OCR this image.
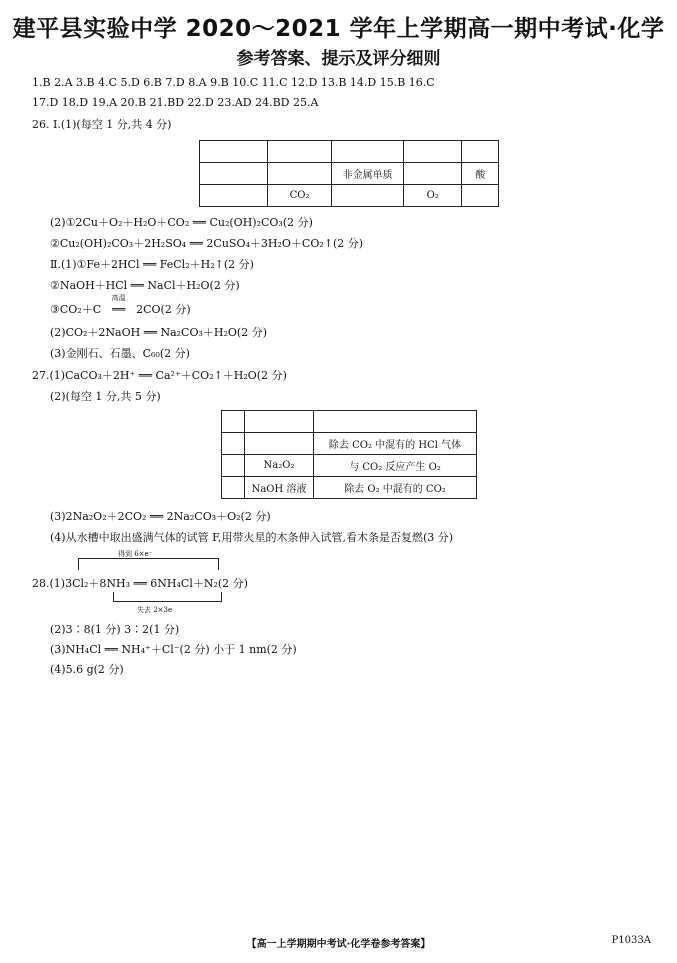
建平县实验中学 2020～2021 学年上学期高一期中考试·化学
参考答案、提示及评分细则
1.B 2.A 3.B 4.C 5.D 6.B 7.D 8.A 9.B 10.C 11.C 12.D 13.B 14.D 15.B 16.C
17.D 18.D 19.A 20.B 21.BD 22.D 23.AD 24.BD 25.A
26. Ⅰ.(1)(每空 1 分,共 4 分)

		非金属单质		酸
	CO₂		O₂	
(2)①2Cu＋O₂＋H₂O＋CO₂ ══ Cu₂(OH)₂CO₃(2 分)
②Cu₂(OH)₂CO₃＋2H₂SO₄ ══ 2CuSO₄＋3H₂O＋CO₂↑(2 分)
Ⅱ.(1)①Fe＋2HCl ══ FeCl₂＋H₂↑(2 分)
②NaOH＋HCl ══ NaCl＋H₂O(2 分)
③CO₂＋C
高温
══ 2CO(2 分)
(2)CO₂＋2NaOH ══ Na₂CO₃＋H₂O(2 分)
(3)金刚石、石墨、C₆₀(2 分)
27.(1)CaCO₃＋2H⁺ ══ Ca²⁺＋CO₂↑＋H₂O(2 分)
(2)(每空 1 分,共 5 分)

		除去 CO₂ 中混有的 HCl 气体
	Na₂O₂	与 CO₂ 反应产生 O₂
	NaOH 溶液	除去 O₂ 中混有的 CO₂
(3)2Na₂O₂＋2CO₂ ══ 2Na₂CO₃＋O₂(2 分)
(4)从水槽中取出盛满气体的试管 F,用带火星的木条伸入试管,看木条是否复燃(3 分)
得到 6×e⁻
28.(1)3Cl₂＋8NH₃ ══ 6NH₄Cl＋N₂(2 分)
失去 2×3e
(2)3∶8(1 分) 3∶2(1 分)
(3)NH₄Cl ══ NH₄⁺＋Cl⁻(2 分) 小于 1 nm(2 分)
(4)5.6 g(2 分)
【高一上学期期中考试·化学卷参考答案】	P1033A
